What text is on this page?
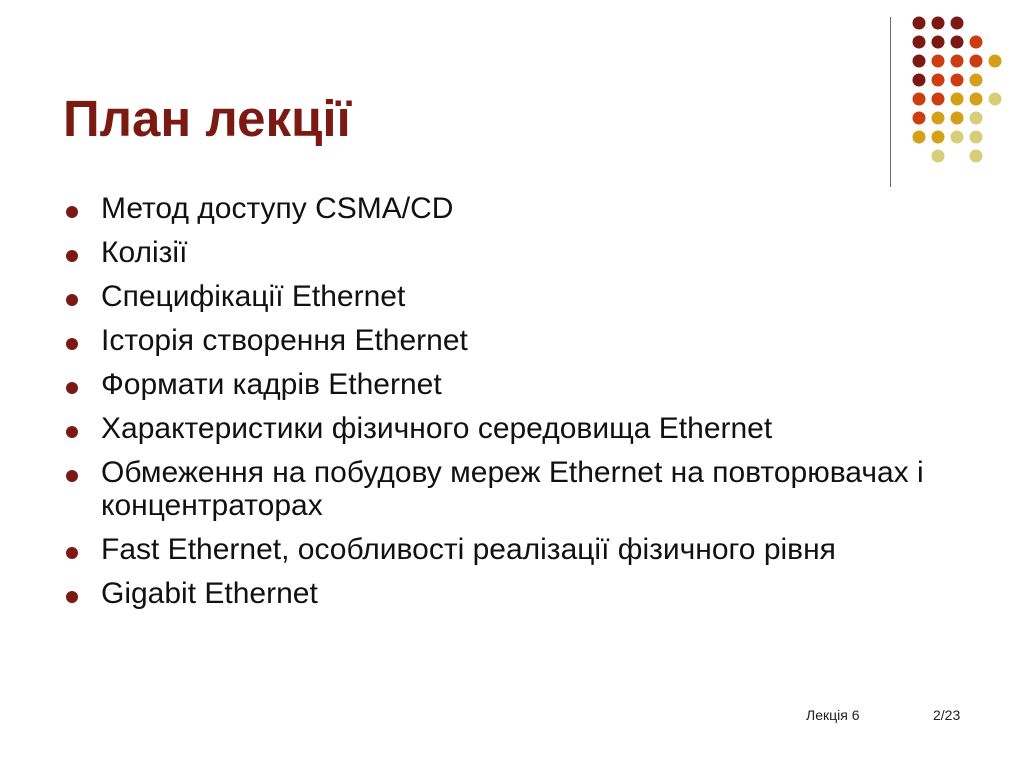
План лекції
Метод доступу CSMA/CD
Колізії
Специфікації Ethernet
Історія створення Ethernet
Формати кадрів Ethernet
Характеристики фізичного середовища Ethernet
Обмеження на побудову мереж Ethernet на повторювачах і концентраторах
Fast Ethernet, особливості реалізації фізичного рівня
Gigabit Ethernet
Лекція 6	2/23
